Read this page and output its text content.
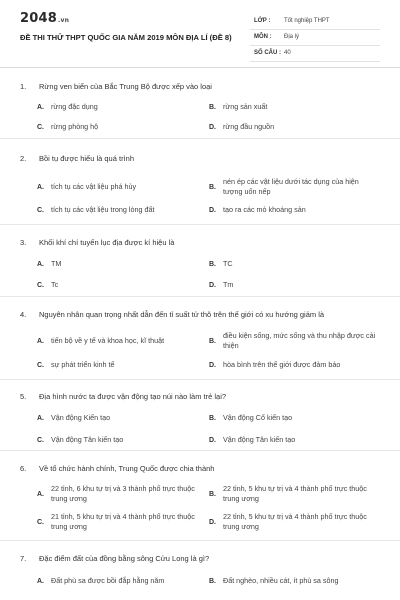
2048.vn
ĐỀ THI THỬ THPT QUỐC GIA NĂM 2019 MÔN ĐỊA LÍ (ĐỀ 8)
LỚP : Tốt nghiệp THPT
MÔN : Địa lý
SỐ CÂU : 40
1. Rừng ven biển của Bắc Trung Bộ được xếp vào loại
A. rừng đặc dụng	B. rừng sản xuất
C. rừng phòng hộ	D. rừng đầu nguồn
2. Bồi tụ được hiểu là quá trình
A. tích tụ các vật liệu phá hủy	B.
nén ép các vật liệu dưới tác dụng của hiện tượng uốn nếp
C. tích tụ các vật liệu trong lòng đất	D. tạo ra các mỏ khoáng sản
3. Khối khí chí tuyến lục địa được kí hiệu là
A. TM	B. TC
C. Tc	D. Tm
4. Nguyên nhân quan trọng nhất dẫn đến tỉ suất tử thô trên thế giới có xu hướng giảm là
A. tiến bộ về y tế và khoa học, kĩ thuật	B.
điều kiện sống, mức sống và thu nhập được cải thiện
C. sự phát triển kinh tế	D. hòa bình trên thế giới được đảm bảo
5. Địa hình nước ta được vận động tạo núi nào làm trẻ lại?
A. Vận động Kiến tạo	B. Vận động Cổ kiến tạo
C. Vận động Tân kiến tạo	D. Vận động Tân kiến tạo
6. Về tổ chức hành chính, Trung Quốc được chia thành
A.
22 tỉnh, 6 khu tự trị và 3 thành phố trực thuộc trung ương	B.
22 tỉnh, 5 khu tự trị và 4 thành phố trực thuộc trung ương
C.
21 tỉnh, 5 khu tự trị và 4 thành phố trực thuộc trung ương	D.
22 tỉnh, 5 khu tự trị và 4 thành phố trực thuộc trung ương
7. Đặc điểm đất của đồng bằng sông Cửu Long là gì?
A. Đất phù sa được bồi đắp hằng năm	B. Đất nghèo, nhiều cát, ít phù sa sông
